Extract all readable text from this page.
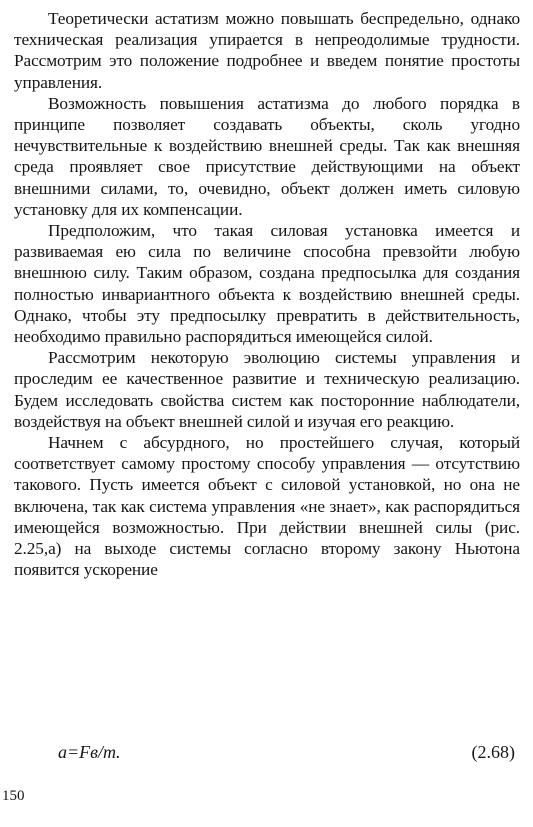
Теоретически астатизм можно повышать беспредельно, однако техническая реализация упирается в непреодолимые трудности. Рассмотрим это положение подробнее и введем понятие простоты управления.

Возможность повышения астатизма до любого порядка в принципе позволяет создавать объекты, сколь угодно нечувствительные к воздействию внешней среды. Так как внешняя среда проявляет свое присутствие действующими на объект внешними силами, то, очевидно, объект должен иметь силовую установку для их компенсации.

Предположим, что такая силовая установка имеется и развиваемая ею сила по величине способна превзойти любую внешнюю силу. Таким образом, создана предпосылка для создания полностью инвариантного объекта к воздействию внешней среды. Однако, чтобы эту предпосылку превратить в действительность, необходимо правильно распорядиться имеющейся силой.

Рассмотрим некоторую эволюцию системы управления и проследим ее качественное развитие и техническую реализацию. Будем исследовать свойства систем как посторонние наблюдатели, воздействуя на объект внешней силой и изучая его реакцию.

Начнем с абсурдного, но простейшего случая, который соответствует самому простому способу управления — отсутствию такового. Пусть имеется объект с силовой установкой, но она не включена, так как система управления «не знает», как распорядиться имеющейся возможностью. При действии внешней силы (рис. 2.25,а) на выходе системы согласно второму закону Ньютона появится ускорение

a=Fв/m.	(2.68)
150
